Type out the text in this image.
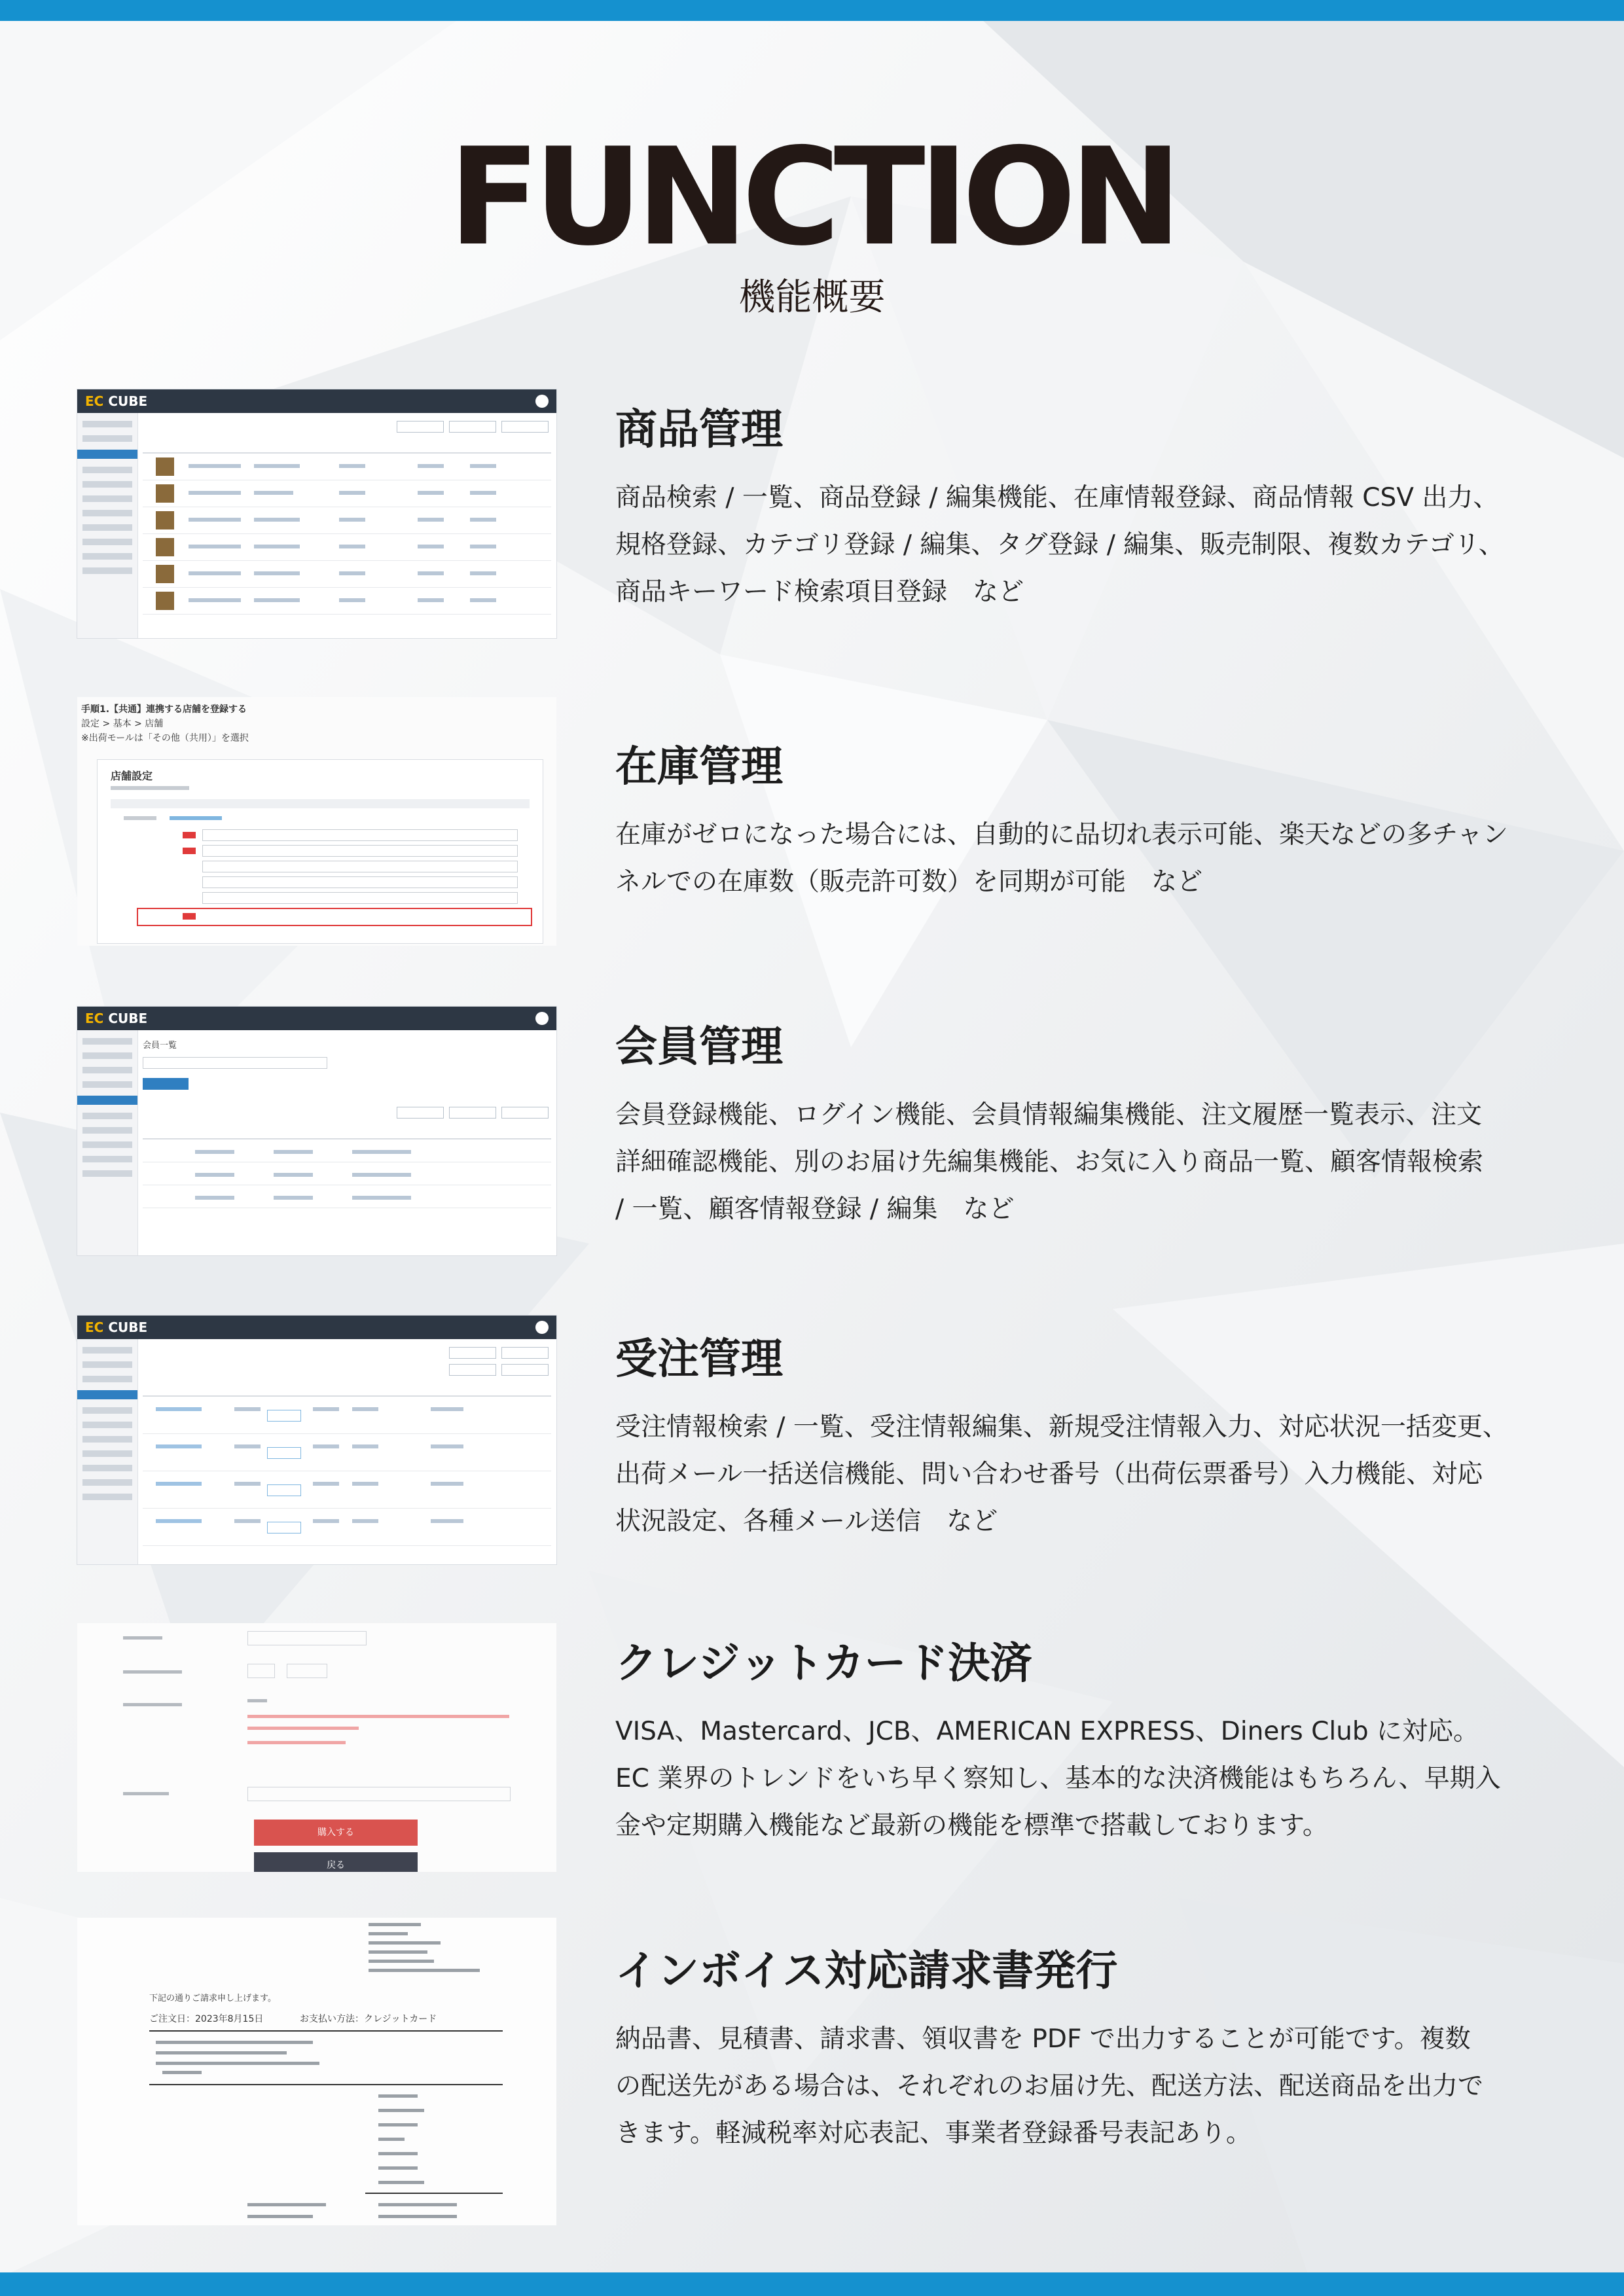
FUNCTION
機能概要
EC CUBE
商品管理
商品検索 / 一覧、商品登録 / 編集機能、在庫情報登録、商品情報 CSV 出力、
規格登録、カテゴリ登録 / 編集、タグ登録 / 編集、販売制限、複数カテゴリ、
商品キーワード検索項目登録　など
手順1.【共通】連携する店舗を登録する
設定 > 基本 > 店舗
※出荷モールは「その他（共用）」を選択
店舗設定	在庫管理
在庫がゼロになった場合には、自動的に品切れ表示可能、楽天などの多チャン
ネルでの在庫数（販売許可数）を同期が可能　など
EC CUBE
会員一覧	会員管理
会員登録機能、ログイン機能、会員情報編集機能、注文履歴一覧表示、注文
詳細確認機能、別のお届け先編集機能、お気に入り商品一覧、顧客情報検索
/ 一覧、顧客情報登録 / 編集　など
EC CUBE
受注管理
受注情報検索 / 一覧、受注情報編集、新規受注情報入力、対応状況一括変更、
出荷メール一括送信機能、問い合わせ番号（出荷伝票番号）入力機能、対応
状況設定、各種メール送信　など
購入する
戻る
クレジットカード決済
VISA、Mastercard、JCB、AMERICAN EXPRESS、Diners Club に対応。
EC 業界のトレンドをいち早く察知し、基本的な決済機能はもちろん、早期入
金や定期購入機能など最新の機能を標準で搭載しております。
下記の通りご請求申し上げます。
ご注文日：2023年8月15日	お支払い方法：クレジットカード
インボイス対応請求書発行
納品書、見積書、請求書、領収書を PDF で出力することが可能です。複数
の配送先がある場合は、それぞれのお届け先、配送方法、配送商品を出力で
きます。軽減税率対応表記、事業者登録番号表記あり。
